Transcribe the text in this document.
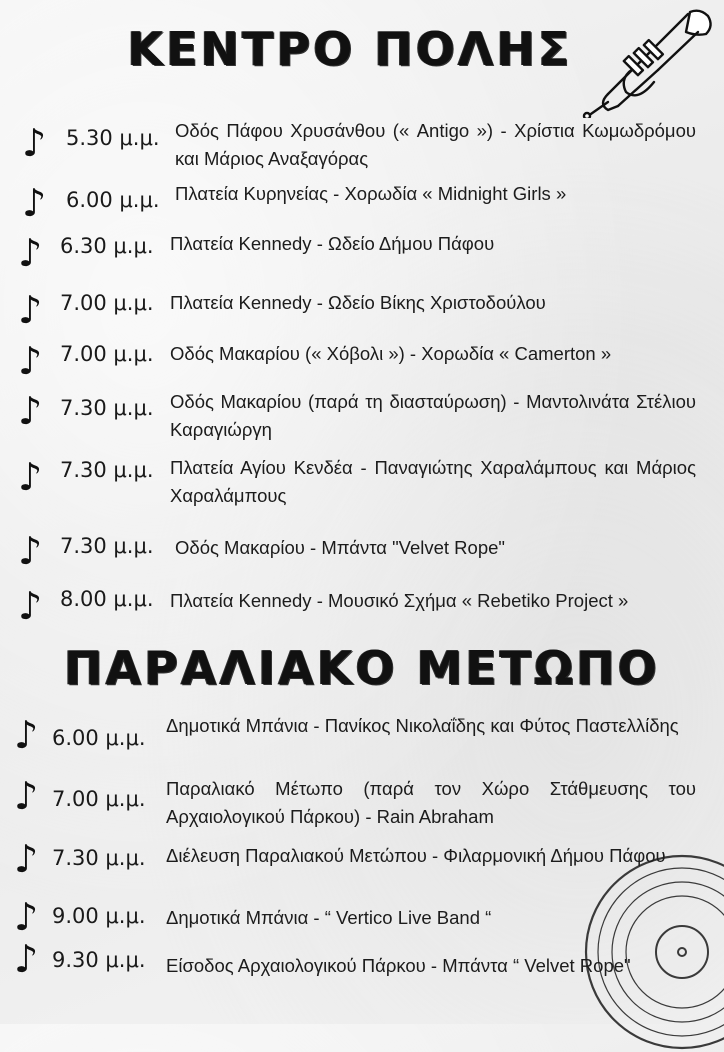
ΚΕΝΤΡΟ ΠΟΛΗΣ
♪ 5.30 μ.μ. Οδός Πάφου Χρυσάνθου (« Antigo ») - Χρίστια Κωμωδρόμου και Μάριος Αναξαγόρας
♪ 6.00 μ.μ. Πλατεία Κυρηνείας - Χορωδία « Midnight Girls »
♪ 6.30 μ.μ. Πλατεία Kennedy - Ωδείο Δήμου Πάφου
♪ 7.00 μ.μ. Πλατεία Kennedy - Ωδείο Βίκης Χριστοδούλου
♪ 7.00 μ.μ. Οδός Μακαρίου (« Χόβολι ») - Χορωδία « Camerton »
♪ 7.30 μ.μ. Οδός Μακαρίου (παρά τη διασταύρωση) - Μαντολινάτα Στέλιου Καραγιώργη
♪ 7.30 μ.μ. Πλατεία Αγίου Κενδέα - Παναγιώτης Χαραλάμπους και Μάριος Χαραλάμπους
♪ 7.30 μ.μ. Οδός Μακαρίου - Μπάντα "Velvet Rope"
♪ 8.00 μ.μ. Πλατεία Kennedy - Μουσικό Σχήμα « Rebetiko Project »
ΠΑΡΑΛΙΑΚΟ ΜΕΤΩΠΟ
♪ 6.00 μ.μ.
Δημοτικά Μπάνια - Πανίκος Νικολαΐδης και Φύτος Παστελλίδης
♪ 7.00 μ.μ. Παραλιακό Μέτωπο (παρά τον Χώρο Στάθμευσης του Αρχαιολογικού Πάρκου) - Rain Abraham
♪ 7.30 μ.μ. Διέλευση Παραλιακού Μετώπου - Φιλαρμονική Δήμου Πάφου
♪ 9.00 μ.μ. Δημοτικά Μπάνια - “ Vertico Live Band “
♪ 9.30 μ.μ. Είσοδος Αρχαιολογικού Πάρκου - Μπάντα “ Velvet Rope"
